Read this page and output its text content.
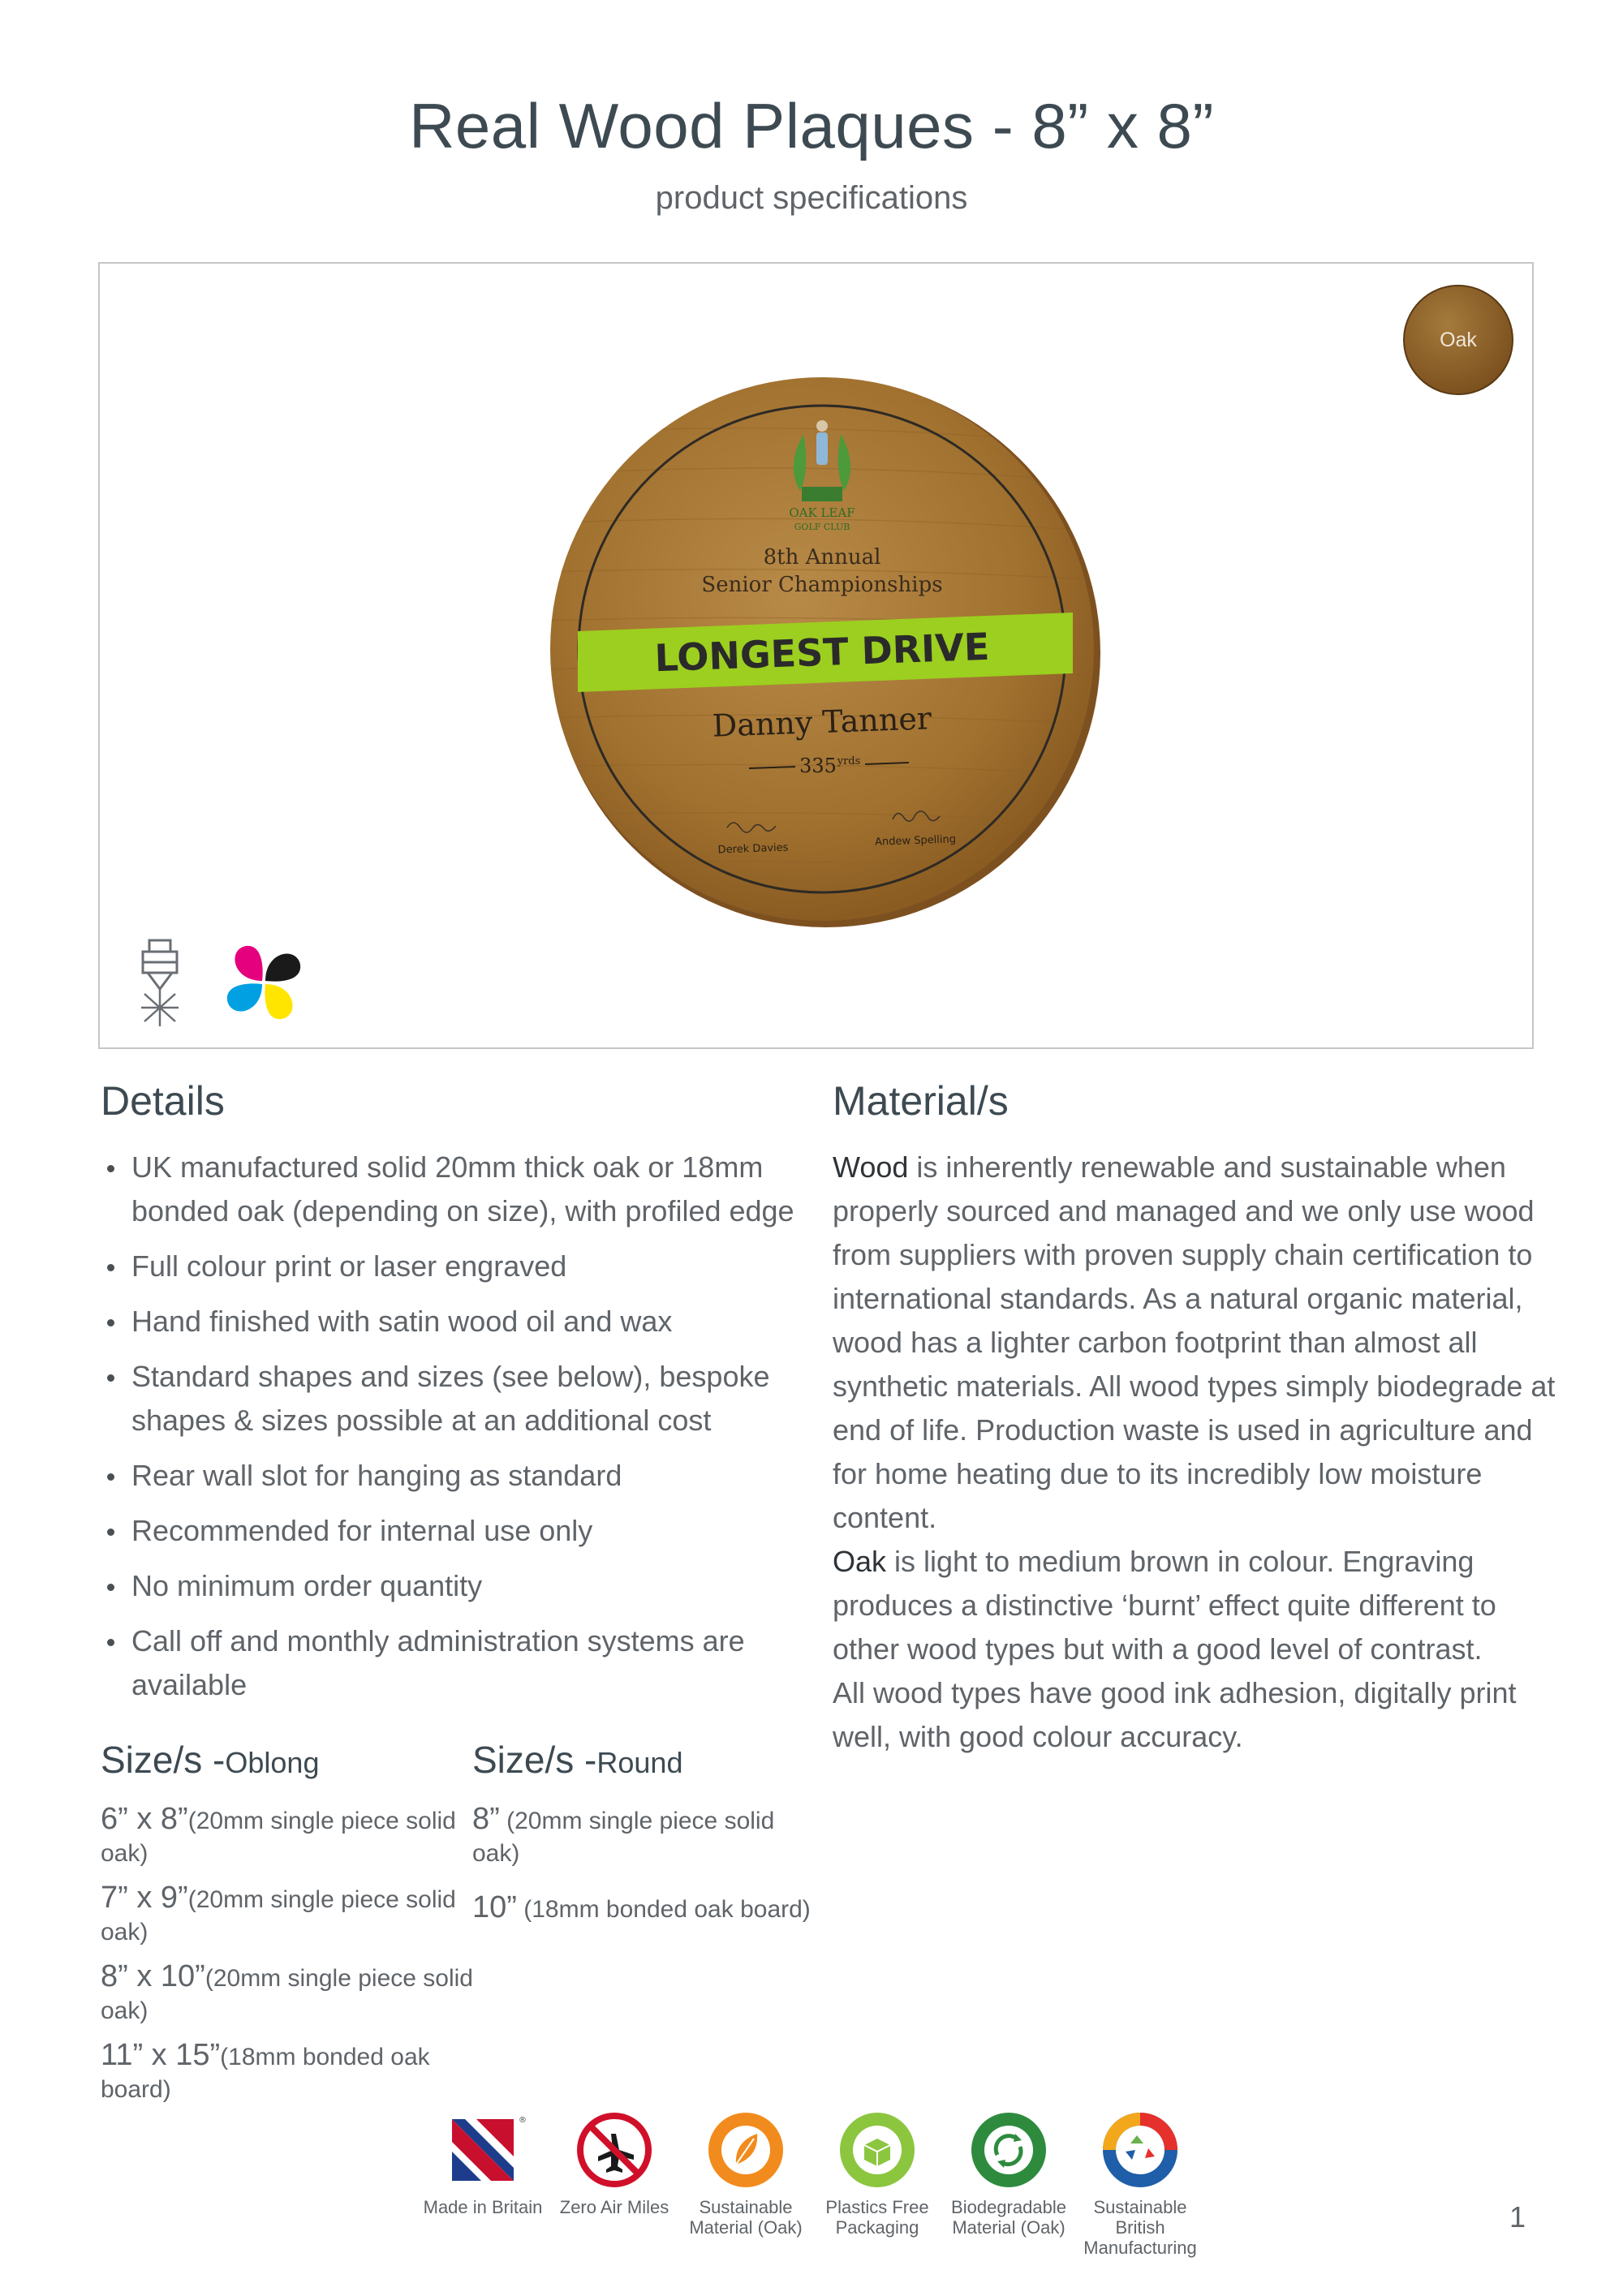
Real Wood Plaques - 8” x 8”
product specifications
Oak
OAK LEAF
GOLF CLUB
8th Annual
Senior Championships
LONGEST DRIVE
Danny Tanner
335 yrds
Derek Davies
Andew Spelling
Details
UK manufactured solid 20mm thick oak or 18mm bonded oak (depending on size), with profiled edge
Full colour print or laser engraved
Hand finished with satin wood oil and wax
Standard shapes and sizes (see below), bespoke shapes & sizes possible at an additional cost
Rear wall slot for hanging as standard
Recommended for internal use only
No minimum order quantity
Call off and monthly administration systems are available
Size/s -Oblong
6” x 8”(20mm single piece solid oak)
7” x 9”(20mm single piece solid oak)
8” x 10”(20mm single piece solid oak)
11” x 15”(18mm bonded oak board)
Size/s -Round
8” (20mm single piece solid oak)
10” (18mm bonded oak board)
Material/s

Wood is inherently renewable and sustainable when properly sourced and managed and we only use wood from suppliers with proven supply chain certification to international standards. As a natural organic material, wood has a lighter carbon footprint than almost all synthetic materials. All wood types simply biodegrade at end of life. Production waste is used in agriculture and for home heating due to its incredibly low moisture content.

Oak is light to medium brown in colour. Engraving produces a distinctive ‘burnt’ effect quite different to other wood types but with a good level of contrast.

All wood types have good ink adhesion, digitally print well, with good colour accuracy.

®
Made in Britain Zero Air Miles	Sustainable Material (Oak)
Plastics Free Packaging
Biodegradable Material (Oak)
Sustainable British Manufacturing
1
